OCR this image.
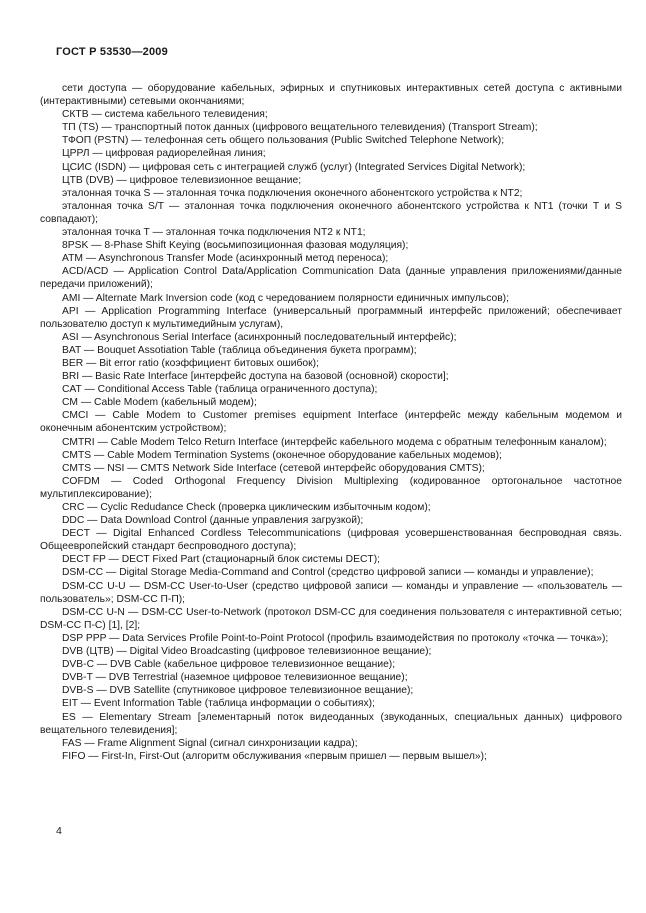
ГОСТ Р 53530—2009

сети доступа — оборудование кабельных, эфирных и спутниковых интерактивных сетей доступа с активными (интерактивными) сетевыми окончаниями;

СКТВ — система кабельного телевидения;

ТП (TS) — транспортный поток данных (цифрового вещательного телевидения) (Transport Stream);

ТФОП (PSTN) — телефонная сеть общего пользования (Public Switched Telephone Network);

ЦРРЛ — цифровая радиорелейная линия;

ЦСИС (ISDN) — цифровая сеть с интеграцией служб (услуг) (Integrated Services Digital Network);

ЦТВ (DVB) — цифровое телевизионное вещание;

эталонная точка S — эталонная точка подключения оконечного абонентского устройства к NT2;

эталонная точка S/T — эталонная точка подключения оконечного абонентского устройства к NT1 (точки Т и S совпадают);

эталонная точка Т — эталонная точка подключения NT2 к NT1;

8PSK — 8-Phase Shift Keying (восьмипозиционная фазовая модуляция);

ATM — Asynchronous Transfer Mode (асинхронный метод переноса);

ACD/ACD — Application Control Data/Application Communication Data (данные управления приложениями/данные передачи приложений);

AMI — Alternate Mark Inversion code (код с чередованием полярности единичных импульсов);

API — Application Programming Interface (универсальный программный интерфейс приложений; обеспечивает пользователю доступ к мультимедийным услугам),

ASI — Asynchronous Serial Interface (асинхронный последовательный интерфейс);

BAT — Bouquet Assotiation Table (таблица объединения букета программ);

BER — Bit error ratio (коэффициент битовых ошибок);

BRI — Basic Rate Interface [интерфейс доступа на базовой (основной) скорости];

CAT — Conditional Access Table (таблица ограниченного доступа);

CM — Cable Modem (кабельный модем);

CMCI — Cable Modem to Customer premises equipment Interface (интерфейс между кабельным модемом и оконечным абонентским устройством);

CMTRI — Cable Modem Telco Return Interface (интерфейс кабельного модема с обратным телефонным каналом);

CMTS — Cable Modem Termination Systems (оконечное оборудование кабельных модемов);

CMTS — NSI — CMTS Network Side Interface (сетевой интерфейс оборудования CMTS);

COFDM — Coded Orthogonal Frequency Division Multiplexing (кодированное ортогональное частотное мультиплексирование);

CRC — Cyclic Redudance Check (проверка циклическим избыточным кодом);

DDC — Data Download Control (данные управления загрузкой);

DECT — Digital Enhanced Cordless Telecommunications (цифровая усовершенствованная беспроводная связь. Общеевропейский стандарт беспроводного доступа);

DECT FP — DECT Fixed Part (стационарный блок системы DECT);

DSM-CC — Digital Storage Media-Command and Control (средство цифровой записи — команды и управление);

DSM-CC U-U — DSM-CC User-to-User (средство цифровой записи — команды и управление — «пользователь — пользователь»; DSM-CC П-П);

DSM-CC U-N — DSM-CC User-to-Network (протокол DSM-CC для соединения пользователя с интерактивной сетью; DSM-CC П-С) [1], [2];

DSP PPP — Data Services Profile Point-to-Point Protocol (профиль взаимодействия по протоколу «точка — точка»);

DVB (ЦТВ) — Digital Video Broadcasting (цифровое телевизионное вещание);

DVB-C — DVB Cable (кабельное цифровое телевизионное вещание);

DVB-T — DVB Terrestrial (наземное цифровое телевизионное вещание);

DVB-S — DVB Satellite (спутниковое цифровое телевизионное вещание);

EIT — Event Information Table (таблица информации о событиях);

ES — Elementary Stream [элементарный поток видеоданных (звукоданных, специальных данных) цифрового вещательного телевидения];

FAS — Frame Alignment Signal (сигнал синхронизации кадра);

FIFO — First-In, First-Out (алгоритм обслуживания «первым пришел — первым вышел»);

4
